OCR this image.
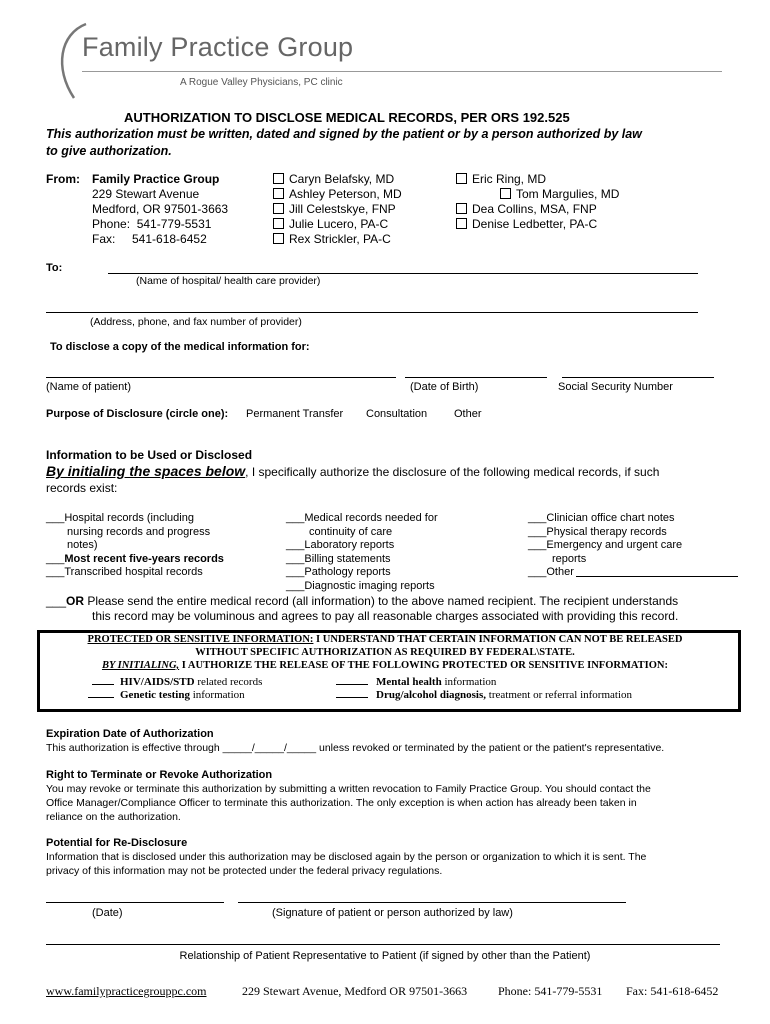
Family Practice Group
A Rogue Valley Physicians, PC clinic
AUTHORIZATION TO DISCLOSE MEDICAL RECORDS, PER ORS 192.525
This authorization must be written, dated and signed by the patient or by a person authorized by law
to give authorization.
From: Family Practice Group
229 Stewart Avenue
Medford, OR 97501-3663
Phone:  541-779-5531
Fax:     541-618-6452
Caryn Belafsky, MD
Ashley Peterson, MD
Jill Celestskye, FNP
Julie Lucero, PA-C
Rex Strickler, PA-C
Eric Ring, MD
Tom Margulies, MD
Dea Collins, MSA, FNP
Denise Ledbetter, PA-C
To:
(Name of hospital/ health care provider)
(Address, phone, and fax number of provider)
To disclose a copy of the medical information for:
(Name of patient)	(Date of Birth)	Social Security Number
Purpose of Disclosure (circle one): Permanent Transfer Consultation Other
Information to be Used or Disclosed
By initialing the spaces below, I specifically authorize the disclosure of the following medical records, if such
records exist:
___Hospital records (including
nursing records and progress
notes)
___Most recent five-years records
___Transcribed hospital records
___Medical records needed for
continuity of care
___Laboratory reports
___Billing statements
___Pathology reports
___Diagnostic imaging reports
___Clinician office chart notes
___Physical therapy records
___Emergency and urgent care
reports
___Other
___OR Please send the entire medical record (all information) to the above named recipient. The recipient understands
this record may be voluminous and agrees to pay all reasonable charges associated with providing this record.
PROTECTED OR SENSITIVE INFORMATION: I UNDERSTAND THAT CERTAIN INFORMATION CAN NOT BE RELEASED
WITHOUT SPECIFIC AUTHORIZATION AS REQUIRED BY FEDERAL\STATE.
BY INITIALING, I AUTHORIZE THE RELEASE OF THE FOLLOWING PROTECTED OR SENSITIVE INFORMATION:
HIV/AIDS/STD related records
Genetic testing information
Mental health information
Drug/alcohol diagnosis, treatment or referral information
Expiration Date of Authorization
This authorization is effective through _____/_____/_____ unless revoked or terminated by the patient or the patient's representative.
Right to Terminate or Revoke Authorization
You may revoke or terminate this authorization by submitting a written revocation to Family Practice Group. You should contact the
Office Manager/Compliance Officer to terminate this authorization. The only exception is when action has already been taken in
reliance on the authorization.
Potential for Re-Disclosure
Information that is disclosed under this authorization may be disclosed again by the person or organization to which it is sent. The
privacy of this information may not be protected under the federal privacy regulations.
(Date)	(Signature of patient or person authorized by law)
Relationship of Patient Representative to Patient (if signed by other than the Patient)
www.familypracticegrouppc.com	229 Stewart Avenue, Medford OR 97501-3663	Phone: 541-779-5531 Fax: 541-618-6452
